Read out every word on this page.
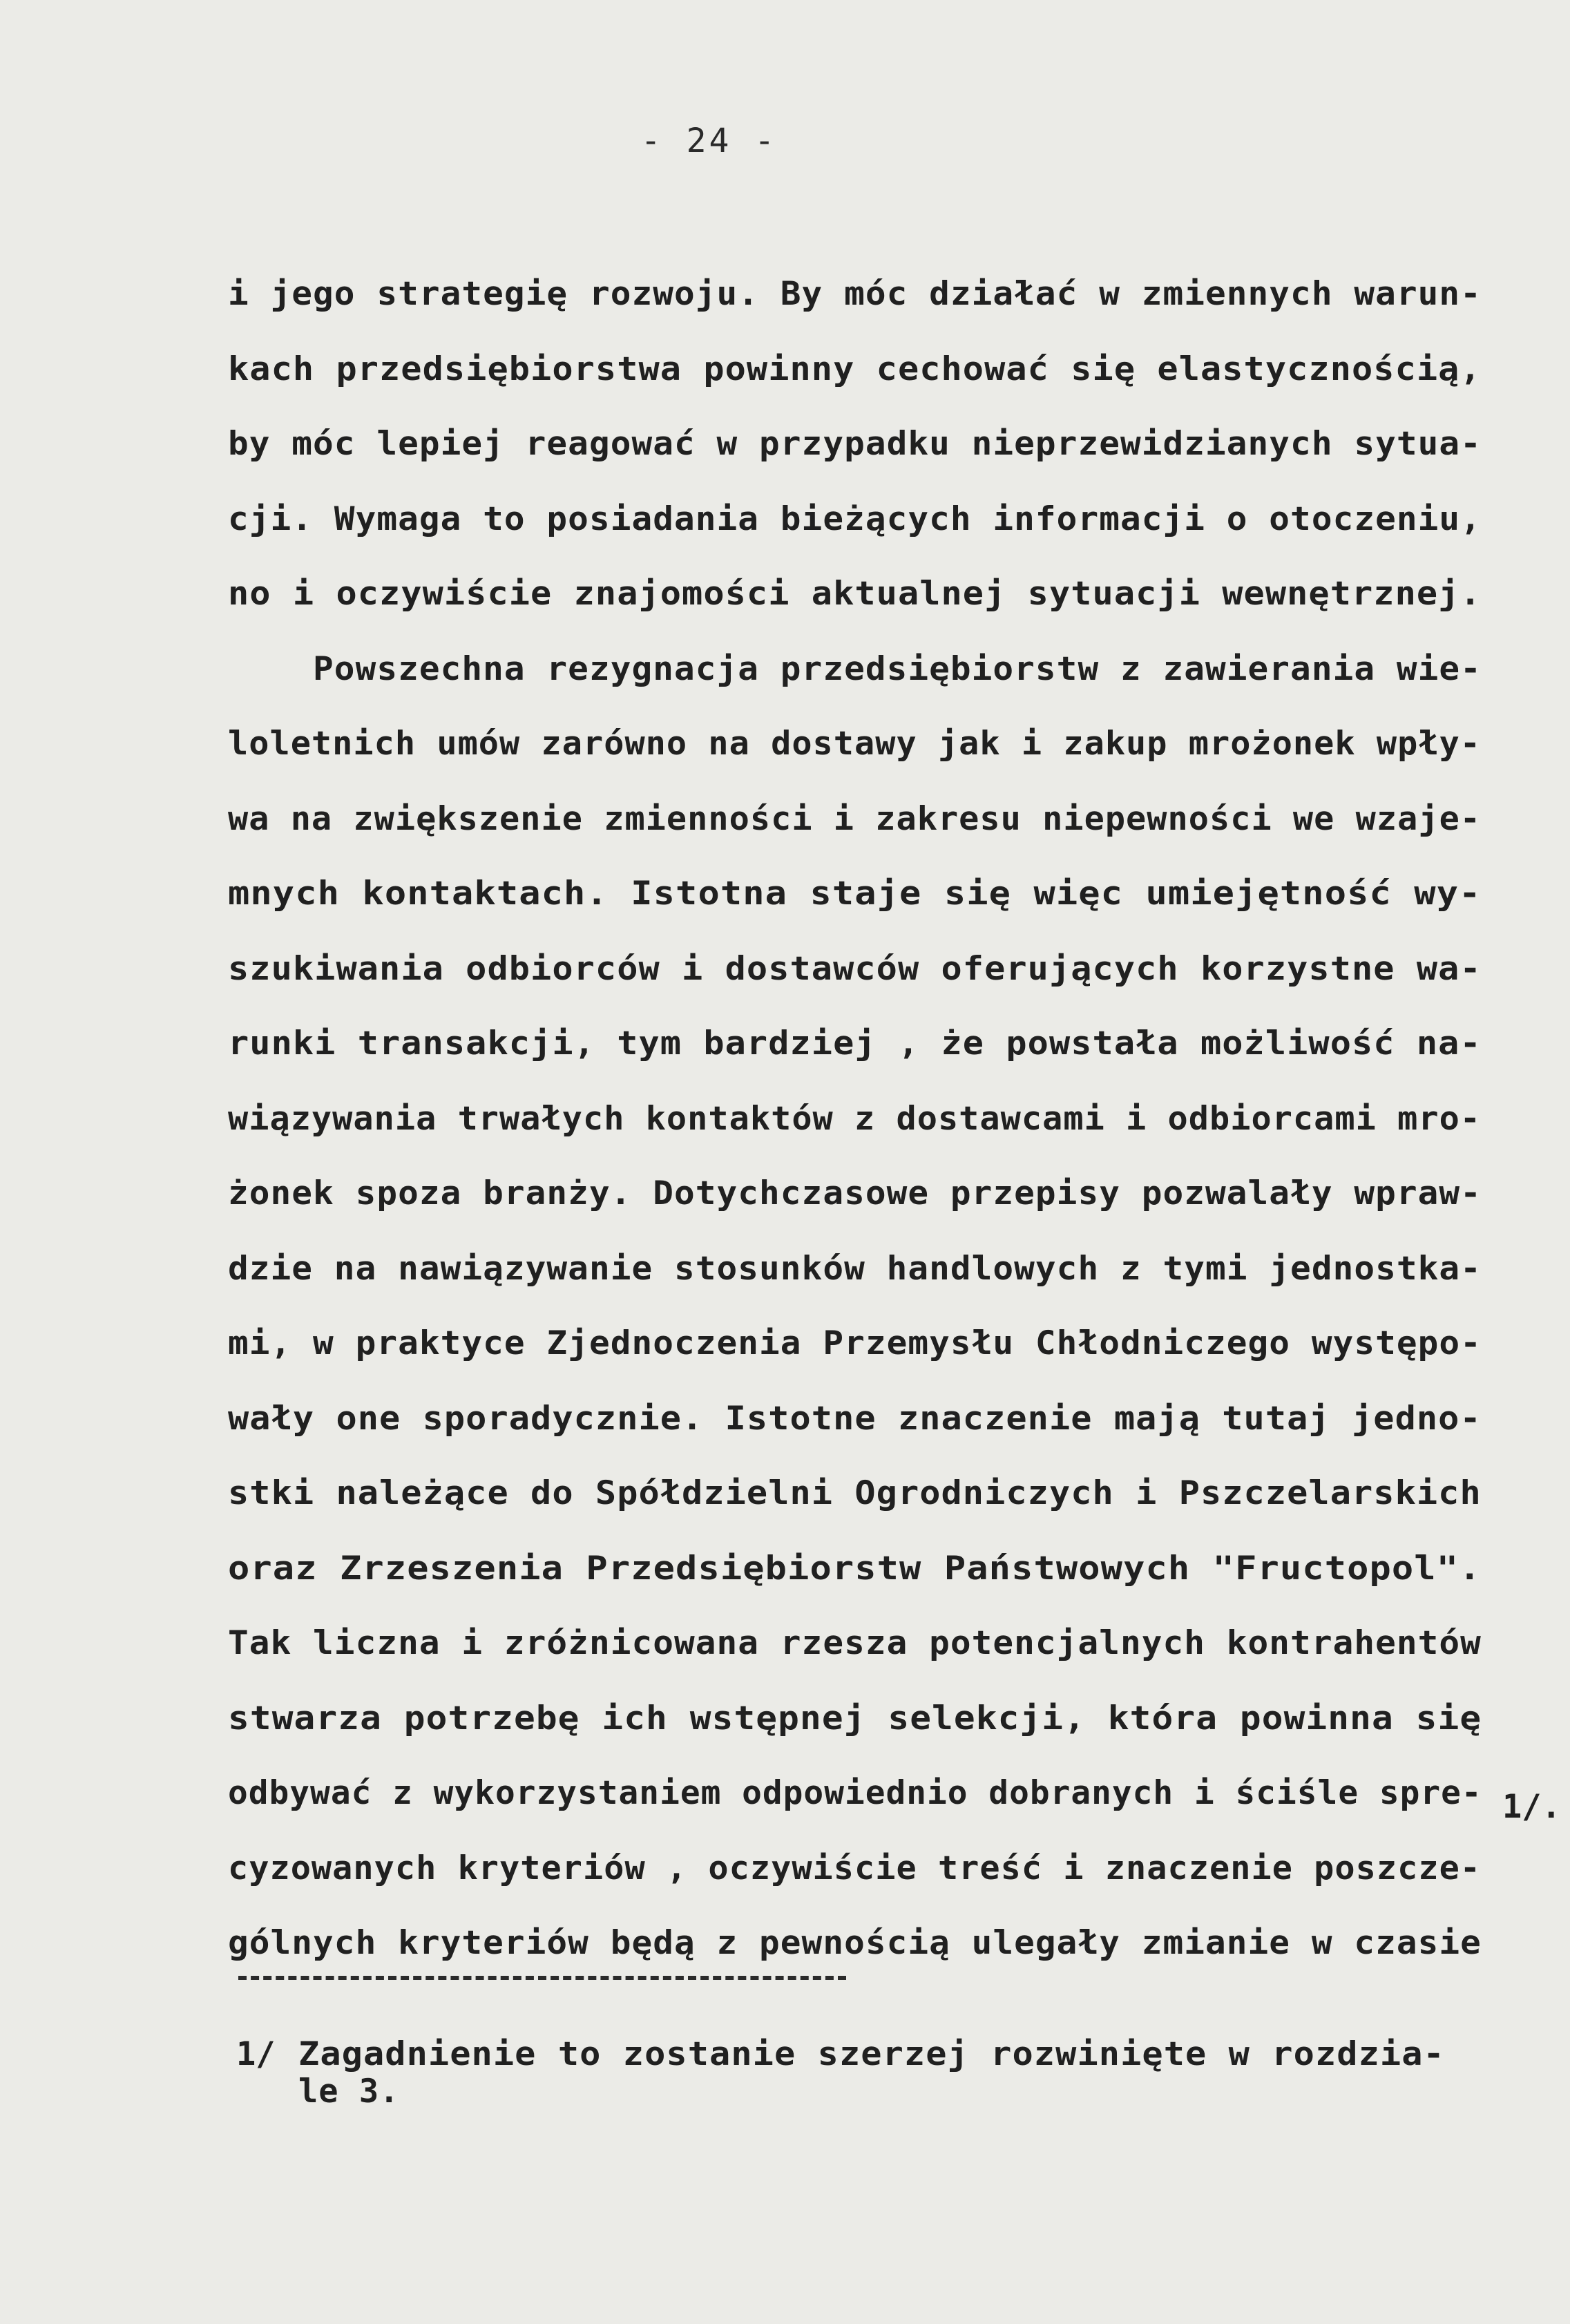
- 24 -
i jego strategię rozwoju. By móc działać w zmiennych warun-
kach przedsiębiorstwa powinny cechować się elastycznością,
by móc lepiej reagować w przypadku nieprzewidzianych sytua-
cji. Wymaga to posiadania bieżących informacji o otoczeniu,
no i oczywiście znajomości aktualnej sytuacji wewnętrznej.
Powszechna rezygnacja przedsiębiorstw z zawierania wie-
loletnich umów zarówno na dostawy jak i zakup mrożonek wpły-
wa na zwiększenie zmienności i zakresu niepewności we wzaje-
mnych kontaktach. Istotna staje się więc umiejętność wy-
szukiwania odbiorców i dostawców oferujących korzystne wa-
runki transakcji, tym bardziej , że powstała możliwość na-
wiązywania trwałych kontaktów z dostawcami i odbiorcami mro-
żonek spoza branży. Dotychczasowe przepisy pozwalały wpraw-
dzie na nawiązywanie stosunków handlowych z tymi jednostka-
mi, w praktyce Zjednoczenia Przemysłu Chłodniczego występo-
wały one sporadycznie. Istotne znaczenie mają tutaj jedno-
stki należące do Spółdzielni Ogrodniczych i Pszczelarskich
oraz Zrzeszenia Przedsiębiorstw Państwowych "Fructopol".
Tak liczna i zróżnicowana rzesza potencjalnych kontrahentów
stwarza potrzebę ich wstępnej selekcji, która powinna się
odbywać z wykorzystaniem odpowiednio dobranych i ściśle spre-
cyzowanych kryteriów , oczywiście treść i znaczenie poszcze-
gólnych kryteriów będą z pewnością ulegały zmianie w czasie
1/.
1/ Zagadnienie to zostanie szerzej rozwinięte w rozdzia-
le 3.
